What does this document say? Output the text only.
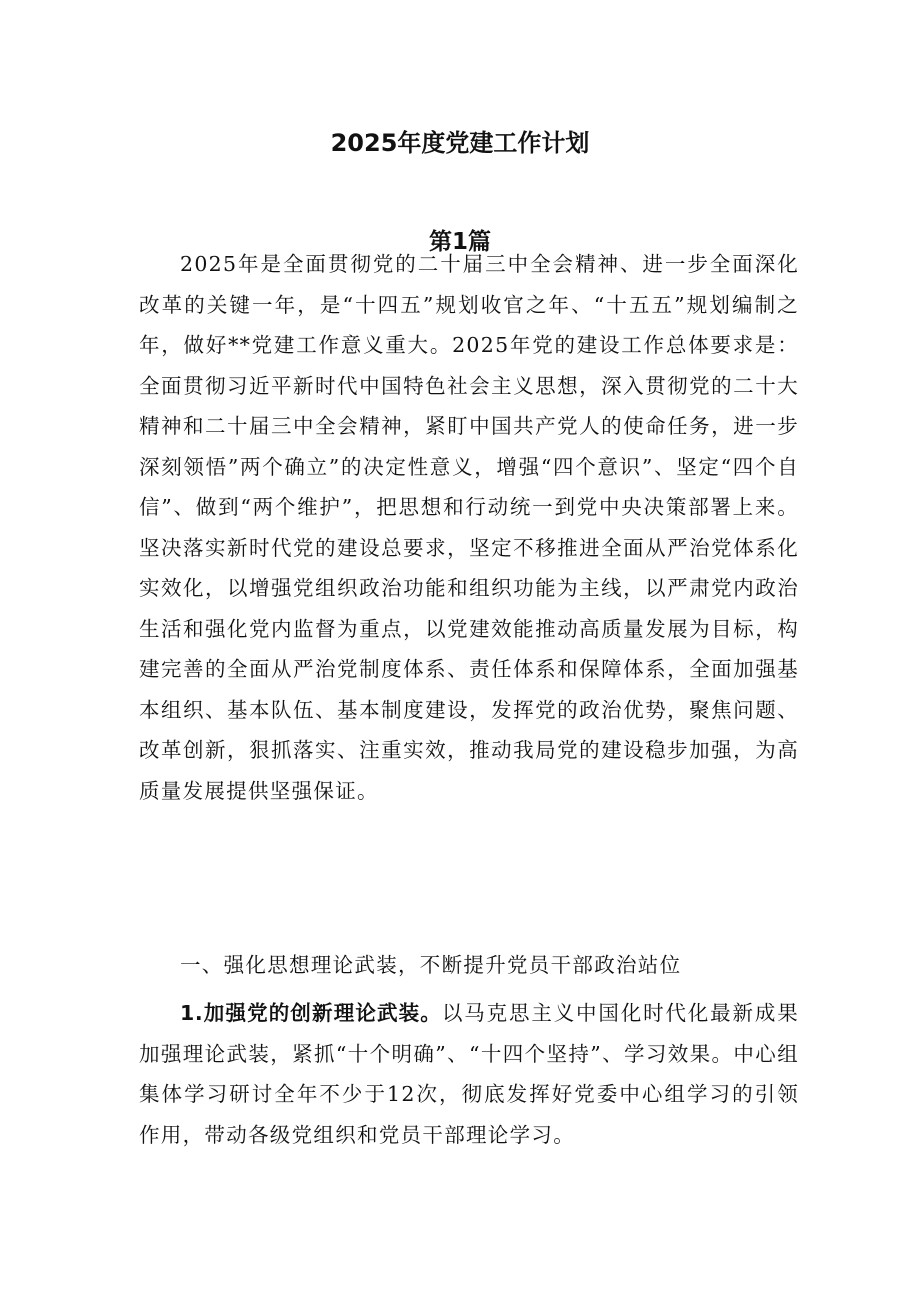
2025年度党建工作计划
第1篇

2025年是全面贯彻党的二十届三中全会精神、进一步全面深化改革的关键一年，是“十四五”规划收官之年、“十五五”规划编制之年，做好**党建工作意义重大。2025年党的建设工作总体要求是：全面贯彻习近平新时代中国特色社会主义思想，深入贯彻党的二十大精神和二十届三中全会精神，紧盯中国共产党人的使命任务，进一步深刻领悟”两个确立”的决定性意义，增强“四个意识”、坚定“四个自信”、做到“两个维护”，把思想和行动统一到党中央决策部署上来。坚决落实新时代党的建设总要求，坚定不移推进全面从严治党体系化实效化，以增强党组织政治功能和组织功能为主线，以严肃党内政治生活和强化党内监督为重点，以党建效能推动高质量发展为目标，构建完善的全面从严治党制度体系、责任体系和保障体系，全面加强基本组织、基本队伍、基本制度建设，发挥党的政治优势，聚焦问题、改革创新，狠抓落实、注重实效，推动我局党的建设稳步加强，为高质量发展提供坚强保证。

一、强化思想理论武装，不断提升党员干部政治站位

1.加强党的创新理论武装。以马克思主义中国化时代化最新成果加强理论武装，紧抓“十个明确”、“十四个坚持”、学习效果。中心组集体学习研讨全年不少于12次，彻底发挥好党委中心组学习的引领作用，带动各级党组织和党员干部理论学习。
